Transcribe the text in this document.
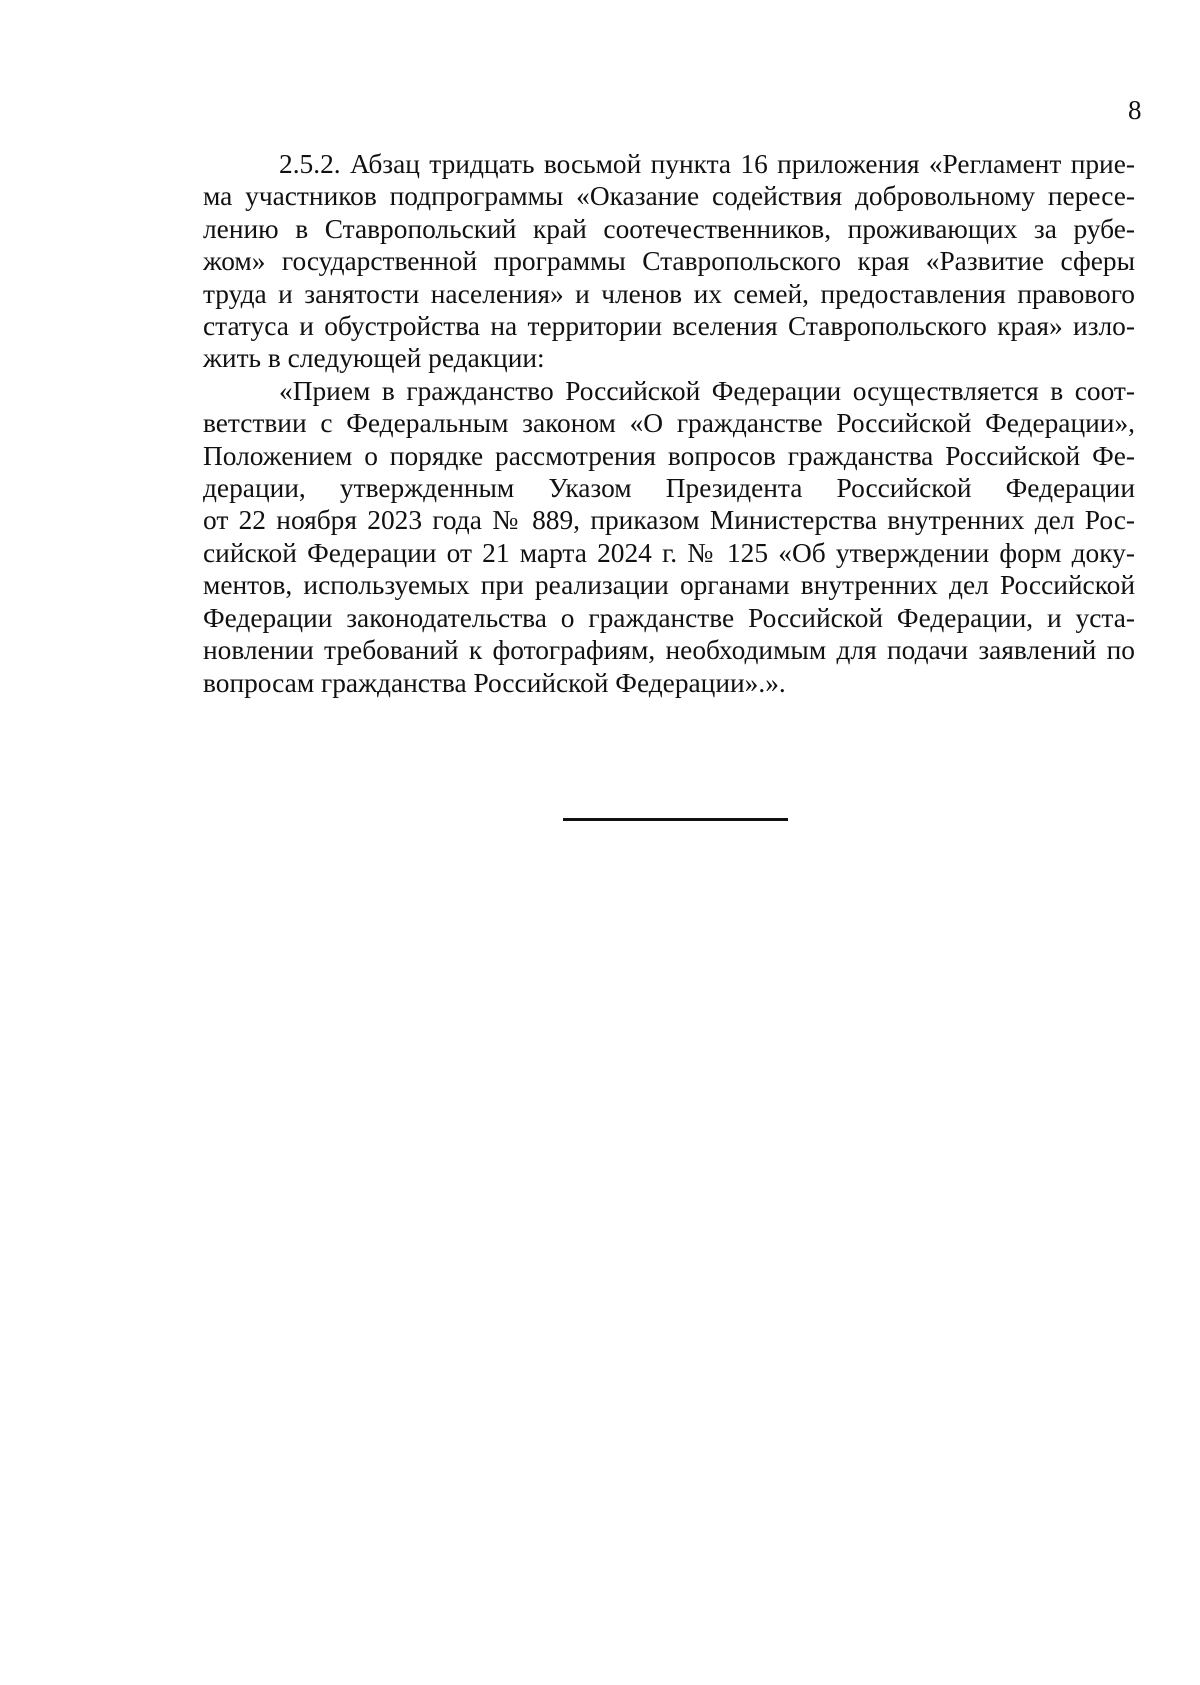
8
2.5.2. Абзац тридцать восьмой пункта 16 приложения «Регламент прие-
ма участников подпрограммы «Оказание содействия добровольному пересе-
лению в Ставропольский край соотечественников, проживающих за рубе-
жом» государственной программы Ставропольского края «Развитие сферы
труда и занятости населения» и членов их семей, предоставления правового
статуса и обустройства на территории вселения Ставропольского края» изло-
жить в следующей редакции:
«Прием в гражданство Российской Федерации осуществляется в соот-
ветствии с Федеральным законом «О гражданстве Российской Федерации»,
Положением о порядке рассмотрения вопросов гражданства Российской Фе-
дерации, утвержденным Указом Президента Российской Федерации
от 22 ноября 2023 года № 889, приказом Министерства внутренних дел Рос-
сийской Федерации от 21 марта 2024 г. № 125 «Об утверждении форм доку-
ментов, используемых при реализации органами внутренних дел Российской
Федерации законодательства о гражданстве Российской Федерации, и уста-
новлении требований к фотографиям, необходимым для подачи заявлений по
вопросам гражданства Российской Федерации».».
